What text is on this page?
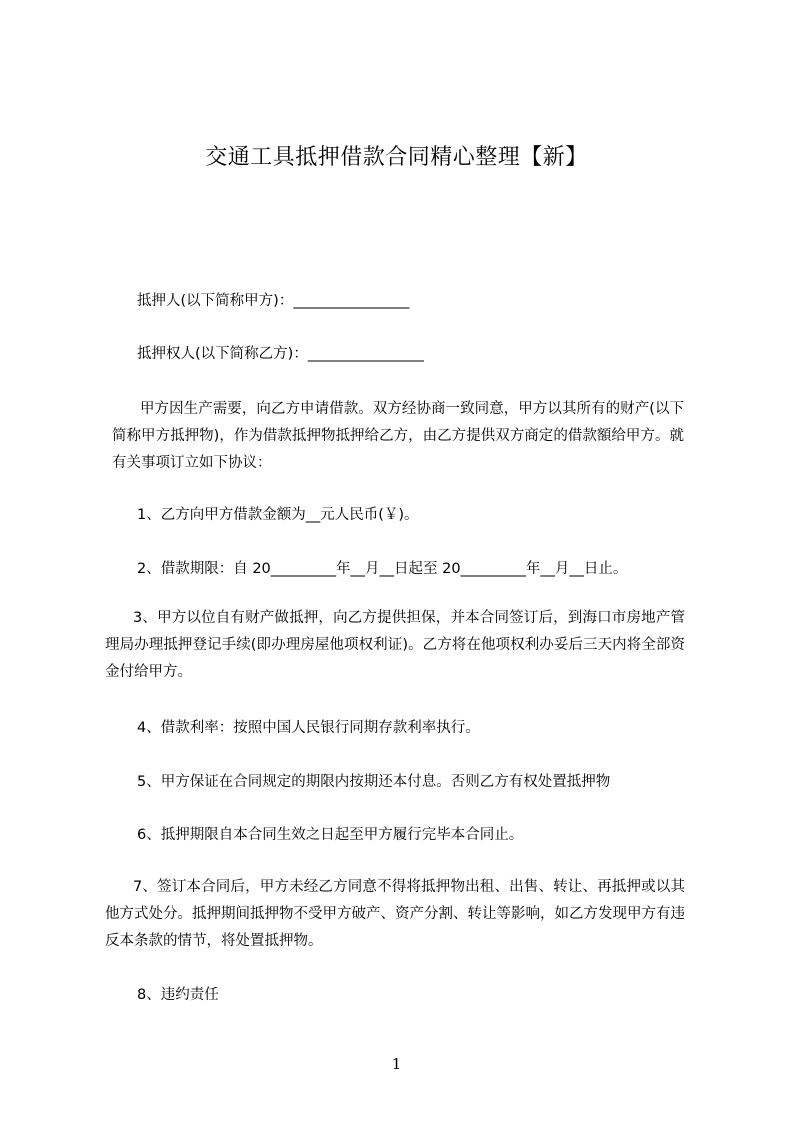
交通工具抵押借款合同精心整理【新】

抵押人(以下简称甲方)：________________

抵押权人(以下简称乙方)：________________

甲方因生产需要，向乙方申请借款。双方经协商一致同意，甲方以其所有的财产(以下简称甲方抵押物)，作为借款抵押物抵押给乙方，由乙方提供双方商定的借款額给甲方。就有关事项订立如下协议：

1、乙方向甲方借款金额为__元人民币(￥)。

2、借款期限：自 20_________年__月__日起至 20_________年__月__日止。

3、甲方以位自有财产做抵押，向乙方提供担保，并本合同签订后，到海口市房地产管理局办理抵押登记手续(即办理房屋他项权利证)。乙方将在他项权利办妥后三天内将全部资金付给甲方。

4、借款利率：按照中国人民银行同期存款利率执行。

5、甲方保证在合同规定的期限内按期还本付息。否则乙方有权处置抵押物

6、抵押期限自本合同生效之日起至甲方履行完毕本合同止。

7、签订本合同后，甲方未经乙方同意不得将抵押物出租、出售、转让、再抵押或以其他方式处分。抵押期间抵押物不受甲方破产、资产分割、转让等影响，如乙方发现甲方有违反本条款的情节，将处置抵押物。

8、违约责任

1
